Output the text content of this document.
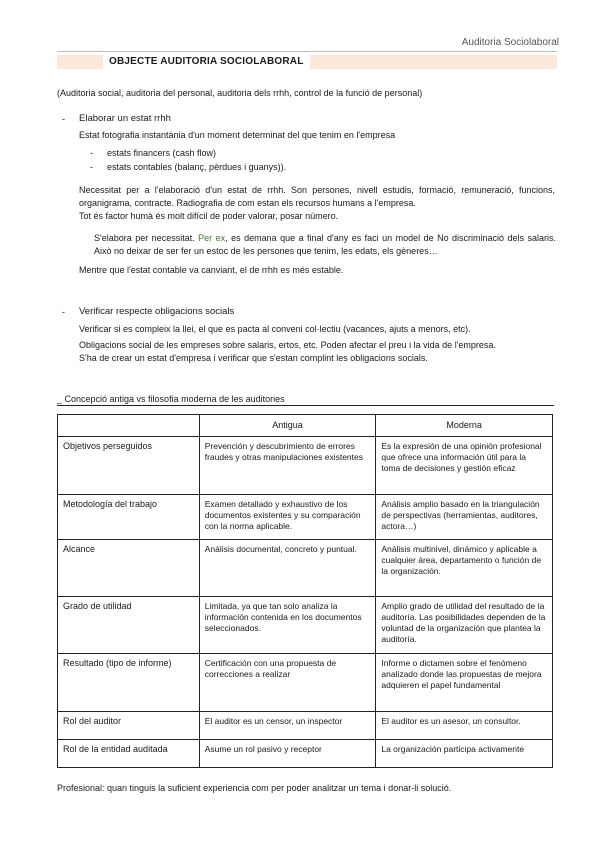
Auditoria Sociolaboral
OBJECTE AUDITORIA SOCIOLABORAL
(Auditoria social, auditoria del personal, auditoria dels rrhh, control de la funció de personal)
- Elaborar un estat rrhh
Estat fotografia instantània d'un moment determinat del que tenim en l'empresa
- estats financers (cash flow)
- estats contables (balanç, pèrdues i guanys)).
Necessitat per a l'elaboració d'un estat de rrhh. Son persones, nivell estudis, formació, remuneració, funcions, organigrama, contracte. Radiografia de com estan els recursos humans a l'empresa.
Tot és factor humà és molt difícil de poder valorar, posar número.
S'elabora per necessitat. Per ex, es demana que a final d'any es faci un model de No discriminació dels salaris. Això no deixar de ser fer un estoc de les persones que tenim, les edats, els gèneres…
Mentre que l'estat contable va canviant, el de rrhh es més estable.
- Verificar respecte obligacions socials
Verificar si es compleix la llei, el que es pacta al conveni col·lectiu (vacances, ajuts a menors, etc).
Obligacions social de les empreses sobre salaris, ertos, etc. Poden afectar el preu i la vida de l'empresa.
S'ha de crear un estat d'empresa i verificar que s'estan complint les obligacions socials.
_ Concepció antiga vs filosofia moderna de les auditories
	Antigua	Moderna
Objetivos perseguidos	Prevención y descubrimiento de errores fraudes y otras manipulaciones existentes	Es la expresión de una opinión profesional que ofrece una información útil para la toma de decisiones y gestión eficaz
Metodología del trabajo	Examen detallado y exhaustivo de los documentos existentes y su comparación con la norma aplicable.	Análisis amplio basado en la triangulación de perspectivas (herramientas, auditores, actora…)
Alcance	Análisis documental, concreto y puntual.	Análisis multinivel, dinámico y aplicable a cualquier área, departamento o función de la organización.
Grado de utilidad	Limitada, ya que tan solo analiza la información contenida en los documentos seleccionados.	Amplio grado de utilidad del resultado de la auditoría. Las posibilidades dependen de la voluntad de la organización que plantea la auditoría.
Resultado (tipo de informe)	Certificación con una propuesta de correcciones a realizar	Informe o dictamen sobre el fenómeno analizado donde las propuestas de mejora adquieren el papel fundamental
Rol del auditor	El auditor es un censor, un inspector	El auditor es un asesor, un consultor.
Rol de la entidad auditada	Asume un rol pasivo y receptor	La organización participa activamente
Profesional: quan tinguis la suficient experiencia com per poder analitzar un tema i donar-li solució.
